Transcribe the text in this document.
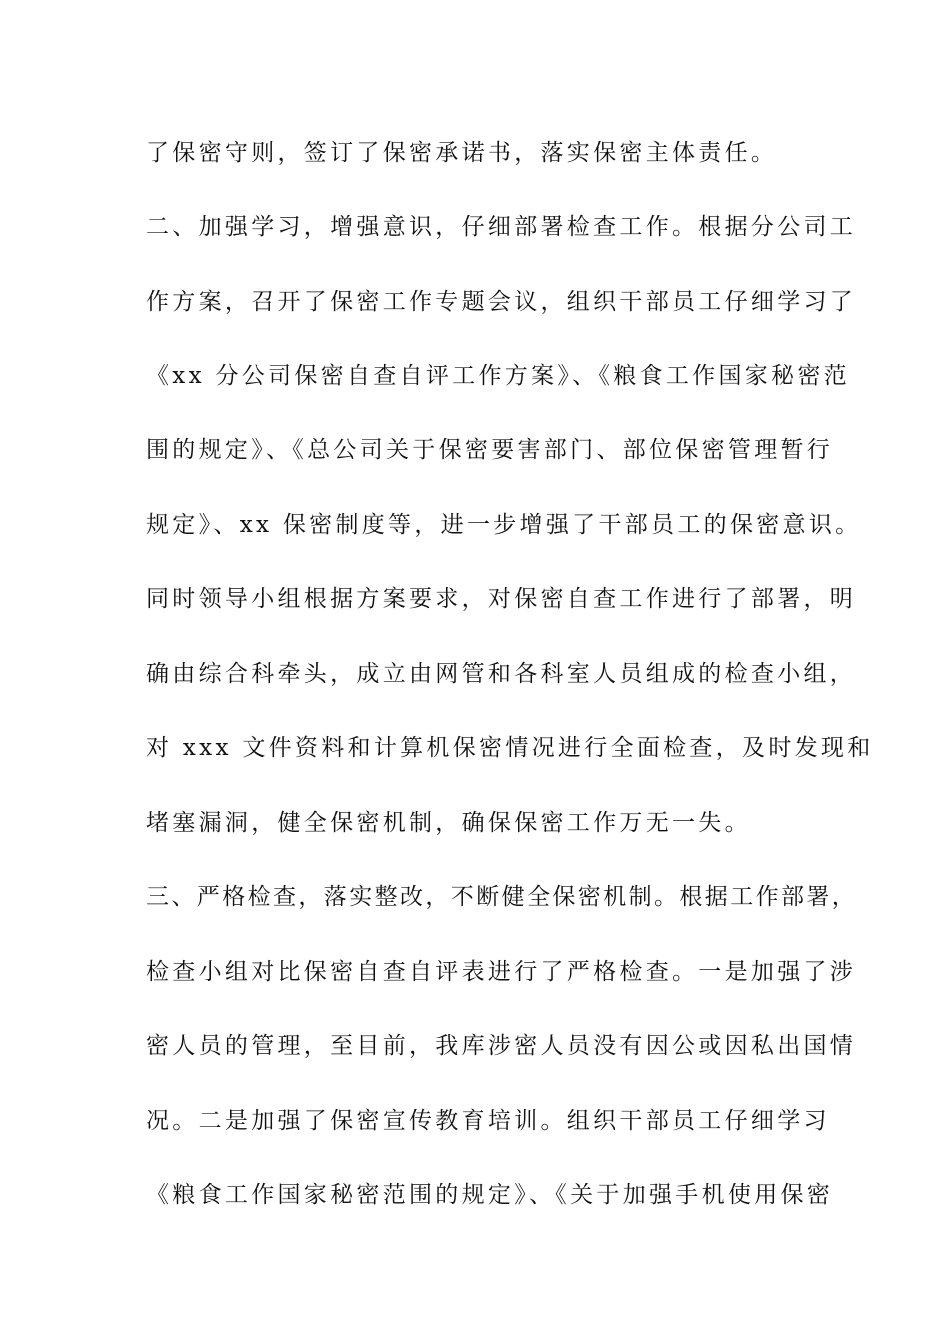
了保密守则，签订了保密承诺书，落实保密主体责任。
二、加强学习，增强意识，仔细部署检查工作。根据分公司工
作方案，召开了保密工作专题会议，组织干部员工仔细学习了
《xx 分公司保密自查自评工作方案》、《粮食工作国家秘密范
围的规定》、《总公司关于保密要害部门、部位保密管理暂行
规定》、xx 保密制度等，进一步增强了干部员工的保密意识。
同时领导小组根据方案要求，对保密自查工作进行了部署，明
确由综合科牵头，成立由网管和各科室人员组成的检查小组，
对 xxx 文件资料和计算机保密情况进行全面检查，及时发现和
堵塞漏洞，健全保密机制，确保保密工作万无一失。
三、严格检查，落实整改，不断健全保密机制。根据工作部署，
检查小组对比保密自查自评表进行了严格检查。一是加强了涉
密人员的管理，至目前，我库涉密人员没有因公或因私出国情
况。二是加强了保密宣传教育培训。组织干部员工仔细学习
《粮食工作国家秘密范围的规定》、《关于加强手机使用保密
